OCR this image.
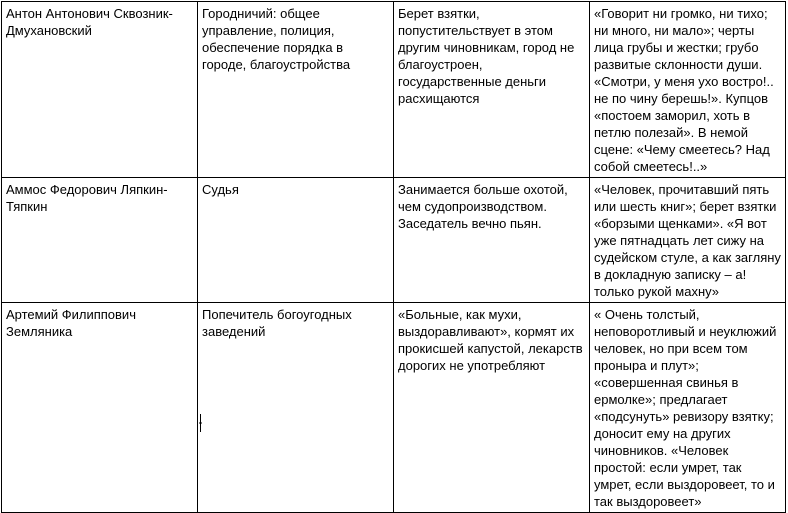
Антон Антонович Сквозник-Дмухановский	Городничий: общее управление, полиция, обеспечение порядка в городе, благоустройства	Берет взятки, попустительствует в этом другим чиновникам, город не благоустроен, государственные деньги расхищаются	«Говорит ни громко, ни тихо; ни много, ни мало»; черты лица грубы и жестки; грубо развитые склонности души. «Смотри, у меня ухо востро!.. не по чину берешь!». Купцов «постоем заморил, хоть в петлю полезай». В немой сцене: «Чему смеетесь? Над собой смеетесь!..»
Аммос Федорович Ляпкин-Тяпкин	Судья	Занимается больше охотой, чем судопроизводством. Заседатель вечно пьян.	«Человек, прочитавший пять или шесть книг»; берет взятки «борзыми щенками». «Я вот уже пятнадцать лет сижу на судейском стуле, а как загляну в докладную записку – а! только рукой махну»
Артемий Филиппович Земляника	Попечитель богоугодных заведений	«Больные, как мухи, выздоравливают», кормят их прокисшей капустой, лекарств дорогих не употребляют	« Очень толстый, неповоротливый и неуклюжий человек, но при всем том проныра и плут»; «совершенная свинья в ермолке»; предлагает «подсунуть» ревизору взятку; доносит ему на других чиновников. «Человек простой: если умрет, так умрет, если выздоровеет, то и так выздоровеет»
